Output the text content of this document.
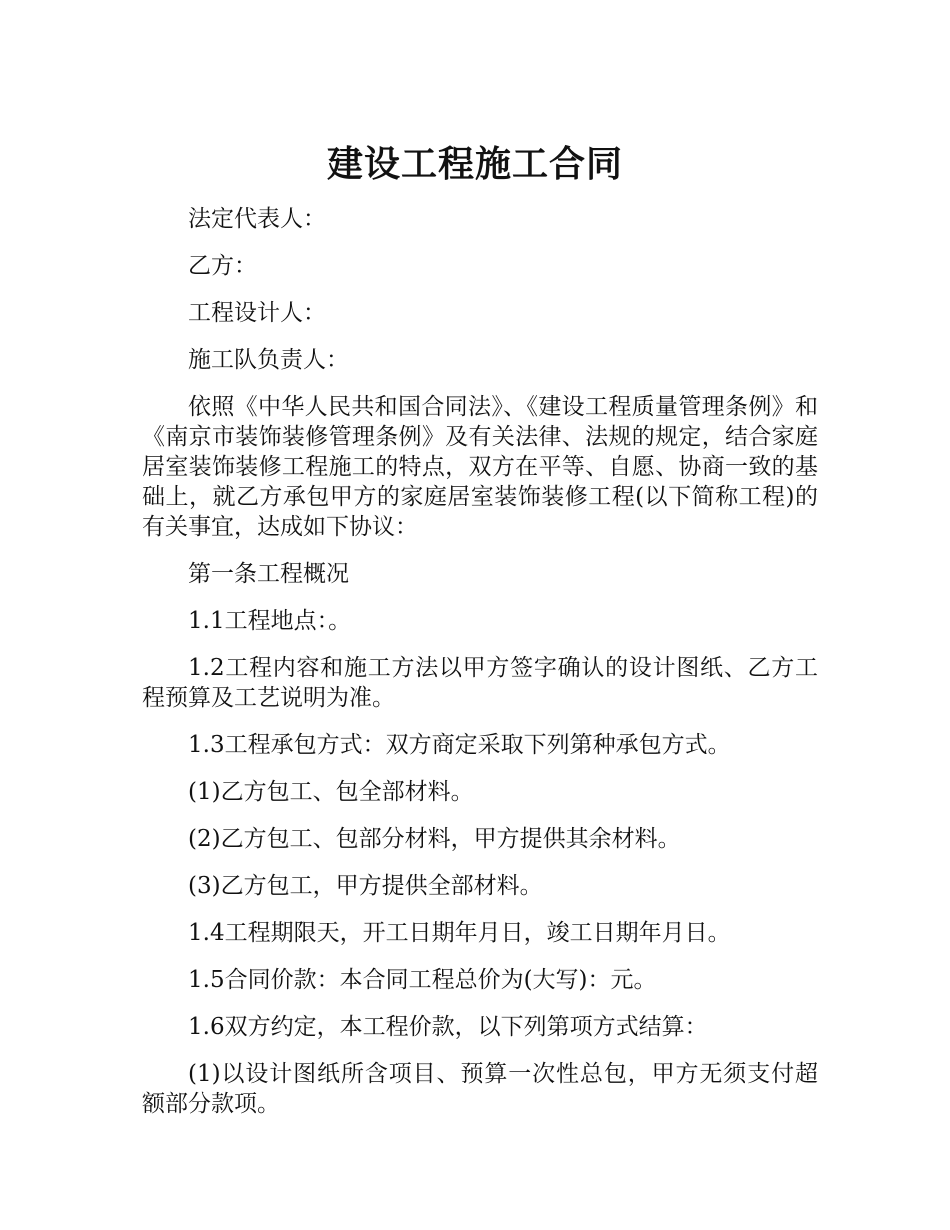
建设工程施工合同

法定代表人：

乙方：

工程设计人：

施工队负责人：

依照《中华人民共和国合同法》、《建设工程质量管理条例》和《南京市装饰装修管理条例》及有关法律、法规的规定，结合家庭居室装饰装修工程施工的特点，双方在平等、自愿、协商一致的基础上，就乙方承包甲方的家庭居室装饰装修工程(以下简称工程)的有关事宜，达成如下协议：

第一条工程概况

1.1工程地点：。

1.2工程内容和施工方法以甲方签字确认的设计图纸、乙方工程预算及工艺说明为准。

1.3工程承包方式：双方商定采取下列第种承包方式。

(1)乙方包工、包全部材料。

(2)乙方包工、包部分材料，甲方提供其余材料。

(3)乙方包工，甲方提供全部材料。

1.4工程期限天，开工日期年月日，竣工日期年月日。

1.5合同价款：本合同工程总价为(大写)：元。

1.6双方约定，本工程价款，以下列第项方式结算：

(1)以设计图纸所含项目、预算一次性总包，甲方无须支付超额部分款项。
